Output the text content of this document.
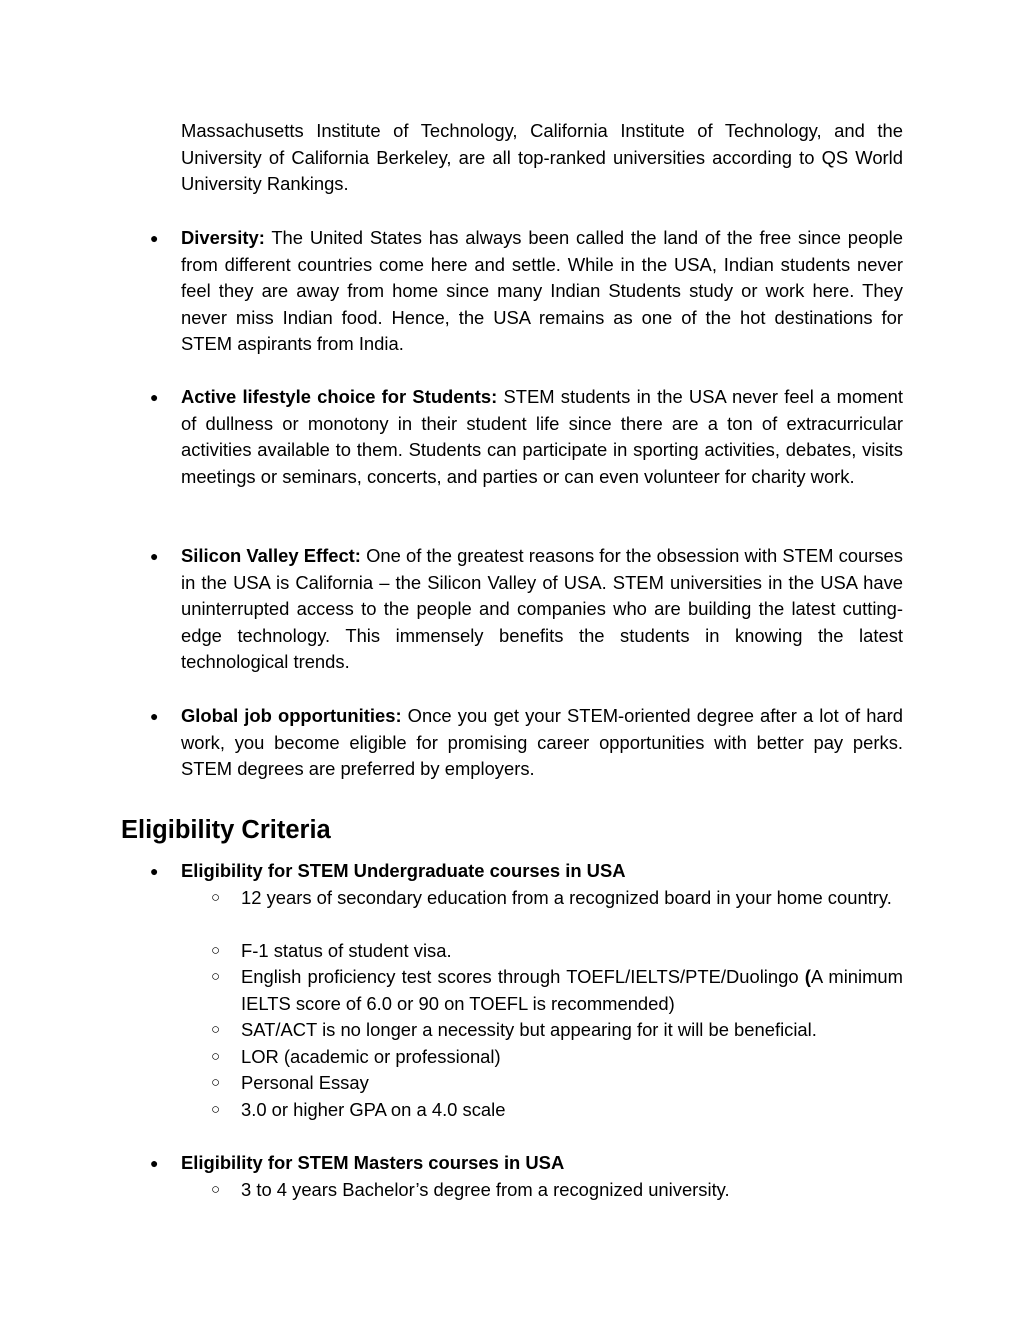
Massachusetts Institute of Technology, California Institute of Technology, and the University of California Berkeley, are all top-ranked universities according to QS World University Rankings.

● Diversity: The United States has always been called the land of the free since people from different countries come here and settle. While in the USA, Indian students never feel they are away from home since many Indian Students study or work here. They never miss Indian food. Hence, the USA remains as one of the hot destinations for STEM aspirants from India.

● Active lifestyle choice for Students: STEM students in the USA never feel a moment of dullness or monotony in their student life since there are a ton of extracurricular activities available to them. Students can participate in sporting activities, debates, visits meetings or seminars, concerts, and parties or can even volunteer for charity work.

● Silicon Valley Effect: One of the greatest reasons for the obsession with STEM courses in the USA is California – the Silicon Valley of USA. STEM universities in the USA have uninterrupted access to the people and companies who are building the latest cutting-edge technology. This immensely benefits the students in knowing the latest technological trends.

● Global job opportunities: Once you get your STEM-oriented degree after a lot of hard work, you become eligible for promising career opportunities with better pay perks. STEM degrees are preferred by employers.

Eligibility Criteria
● Eligibility for STEM Undergraduate courses in USA
○ 12 years of secondary education from a recognized board in your home country.

○ F-1 status of student visa.

○ English proficiency test scores through TOEFL/IELTS/PTE/Duolingo (A minimum IELTS score of 6.0 or 90 on TOEFL is recommended)

○ SAT/ACT is no longer a necessity but appearing for it will be beneficial.

○ LOR (academic or professional)

○ Personal Essay

○ 3.0 or higher GPA on a 4.0 scale

● Eligibility for STEM Masters courses in USA
○ 3 to 4 years Bachelor’s degree from a recognized university.
